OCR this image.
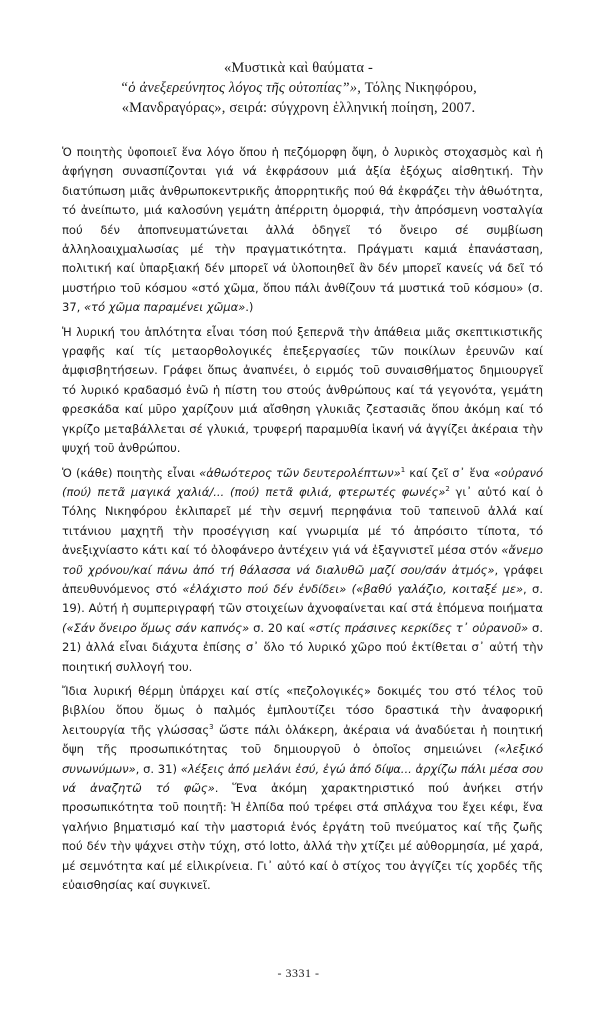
«Μυστικὰ καὶ θαύματα -
“ὁ ἀνεξερεύνητος λόγος τῆς οὐτοπίας”», Τόλης Νικηφόρου,
«Μανδραγόρας», σειρά: σύγχρονη ἑλληνική ποίηση, 2007.

Ὁ ποιητὴς ὑφοποιεῖ ἕνα λόγο ὅπου ἡ πεζόμορφη ὄψη, ὁ λυρικὸς στοχασμὸς καὶ ἡ ἀφήγηση συνασπίζονται γιά νά ἐκφράσουν μιά ἀξία ἐξόχως αἰσθητική. Τὴν διατύπωση μιᾶς ἀνθρωποκεντρικῆς ἀπορρητικῆς πού θά ἐκφράζει τὴν ἀθωότητα, τό ἀνείπωτο, μιά καλοσύνη γεμάτη ἀπέρριτη ὀμορφιά, τὴν ἀπρόσμενη νοσταλγία πού δέν ἀποπνευματώνεται ἀλλά ὁδηγεῖ τό ὄνειρο σέ συμβίωση ἀλληλοαιχμαλωσίας μέ τὴν πραγματικότητα. Πράγματι καμιά ἐπανάσταση, πολιτική καί ὑπαρξιακή δέν μπορεῖ νά ὑλοποιηθεῖ ἂν δέν μπορεῖ κανείς νά δεῖ τό μυστήριο τοῦ κόσμου «στό χῶμα, ὅπου πάλι ἀνθίζουν τά μυστικά τοῦ κόσμου» (σ. 37, «τό χῶμα παραμένει χῶμα».)

Ἡ λυρική του ἁπλότητα εἶναι τόση πού ξεπερνᾶ τὴν ἀπάθεια μιᾶς σκεπτικιστικῆς γραφῆς καί τίς μεταορθολογικές ἐπεξεργασίες τῶν ποικίλων ἐρευνῶν καί ἀμφισβητήσεων. Γράφει ὅπως ἀναπνέει, ὁ ειρμός τοῦ συναισθήματος δημιουργεῖ τό λυρικό κραδασμό ἐνῶ ἡ πίστη του στούς ἀνθρώπους καί τά γεγονότα, γεμάτη φρεσκάδα καί μῦρο χαρίζουν μιά αἴσθηση γλυκιᾶς ζεστασιᾶς ὅπου ἀκόμη καί τό γκρίζο μεταβάλλεται σέ γλυκιά, τρυφερή παραμυθία ἱκανή νά ἀγγίζει ἀκέραια τὴν ψυχή τοῦ ἀνθρώπου.

Ὁ (κάθε) ποιητὴς εἶναι «ἀθωότερος τῶν δευτερολέπτων»$^1$ καί ζεῖ σ᾽ ἕνα «οὐρανό (πού) πετᾶ μαγικά χαλιά/... (πού) πετᾶ φιλιά, φτερωτές φωνές»$^2$ γι᾽ αὐτό καί ὁ Τόλης Νικηφόρου ἐκλιπαρεῖ μέ τὴν σεμνή περηφάνια τοῦ ταπεινοῦ ἀλλά καί τιτάνιου μαχητῆ τὴν προσέγγιση καί γνωριμία μέ τό ἀπρόσιτο τίποτα, τό ἀνεξιχνίαστο κάτι καί τό ὁλοφάνερο ἀντέχειν γιά νά ἐξαγνιστεῖ μέσα στόν «ἄνεμο τοῦ χρόνου/καί πάνω ἀπό τή θάλασσα νά διαλυθῶ μαζί σου/σάν ἀτμός», γράφει ἀπευθυνόμενος στό «ἐλάχιστο πού δέν ἐνδίδει» («βαθύ γαλάζιο, κοιταξέ με», σ. 19). Αὐτή ἡ συμπεριγραφή τῶν στοιχείων ἀχνοφαίνεται καί στά ἑπόμενα ποιήματα («Σάν ὄνειρο ὅμως σάν καπνός» σ. 20 καί «στίς πράσινες κερκίδες τ᾽ οὐρανοῦ» σ. 21) ἀλλά εἶναι διάχυτα ἐπίσης σ᾽ ὅλο τό λυρικό χῶρο πού ἐκτίθεται σ᾽ αὐτή τὴν ποιητική συλλογή του.

Ἴδια λυρική θέρμη ὑπάρχει καί στίς «πεζολογικές» δοκιμές του στό τέλος τοῦ βιβλίου ὅπου ὅμως ὁ παλμός ἐμπλουτίζει τόσο δραστικά τὴν ἀναφορική λειτουργία τῆς γλώσσας$^3$ ὥστε πάλι ὁλάκερη, ἀκέραια νά ἀναδύεται ἡ ποιητική ὄψη τῆς προσωπικότητας τοῦ δημιουργοῦ ὁ ὁποῖος σημειώνει («λεξικό συνωνύμων», σ. 31) «λέξεις ἀπό μελάνι ἐσύ, ἐγώ ἀπό δίψα... ἀρχίζω πάλι μέσα σου νά ἀναζητῶ τό φῶς». Ἕνα ἀκόμη χαρακτηριστικό πού ἀνήκει στήν προσωπικότητα τοῦ ποιητῆ: Ἡ ἐλπίδα πού τρέφει στά σπλάχνα του ἔχει κέφι, ἕνα γαλήνιο βηματισμό καί τὴν μαστοριά ἑνός ἐργάτη τοῦ πνεύματος καί τῆς ζωῆς πού δέν τὴν ψάχνει στὴν τύχη, στό lotto, ἀλλά τὴν χτίζει μέ αὐθορμησία, μέ χαρά, μέ σεμνότητα καί μέ εἰλικρίνεια. Γι᾽ αὐτό καί ὁ στίχος του ἀγγίζει τίς χορδές τῆς εὐαισθησίας καί συγκινεῖ.

- 3331 -
